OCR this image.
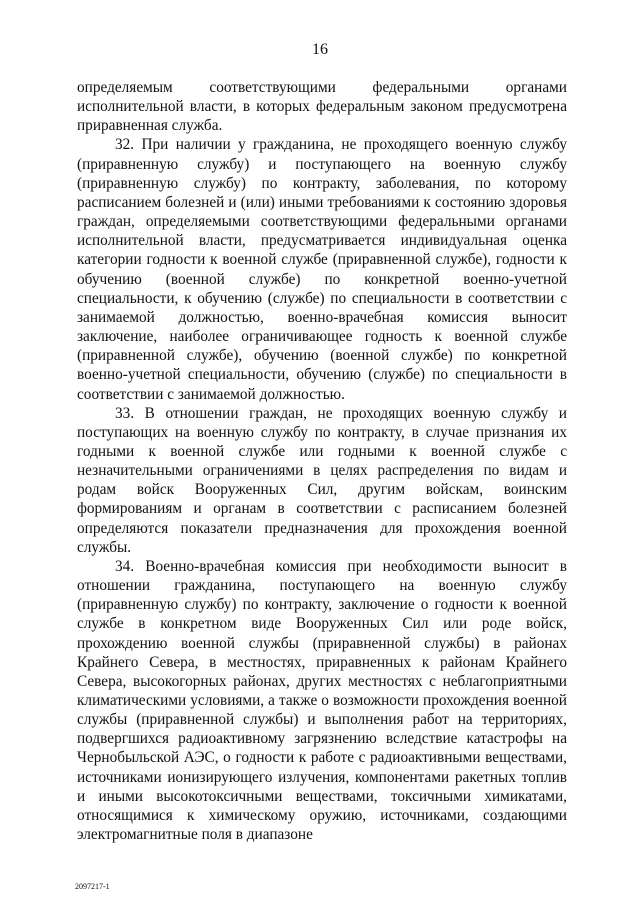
16

определяемым соответствующими федеральными органами исполнительной власти, в которых федеральным законом предусмотрена приравненная служба.

32. При наличии у гражданина, не проходящего военную службу (приравненную службу) и поступающего на военную службу (приравненную службу) по контракту, заболевания, по которому расписанием болезней и (или) иными требованиями к состоянию здоровья граждан, определяемыми соответствующими федеральными органами исполнительной власти, предусматривается индивидуальная оценка категории годности к военной службе (приравненной службе), годности к обучению (военной службе) по конкретной военно-учетной специальности, к обучению (службе) по специальности в соответствии с занимаемой должностью, военно-врачебная комиссия выносит заключение, наиболее ограничивающее годность к военной службе (приравненной службе), обучению (военной службе) по конкретной военно-учетной специальности, обучению (службе) по специальности в соответствии с занимаемой должностью.

33. В отношении граждан, не проходящих военную службу и поступающих на военную службу по контракту, в случае признания их годными к военной службе или годными к военной службе с незначительными ограничениями в целях распределения по видам и родам войск Вооруженных Сил, другим войскам, воинским формированиям и органам в соответствии с расписанием болезней определяются показатели предназначения для прохождения военной службы.

34. Военно-врачебная комиссия при необходимости выносит в отношении гражданина, поступающего на военную службу (приравненную службу) по контракту, заключение о годности к военной службе в конкретном виде Вооруженных Сил или роде войск, прохождению военной службы (приравненной службы) в районах Крайнего Севера, в местностях, приравненных к районам Крайнего Севера, высокогорных районах, других местностях с неблагоприятными климатическими условиями, а также о возможности прохождения военной службы (приравненной службы) и выполнения работ на территориях, подвергшихся радиоактивному загрязнению вследствие катастрофы на Чернобыльской АЭС, о годности к работе с радиоактивными веществами, источниками ионизирующего излучения, компонентами ракетных топлив и иными высокотоксичными веществами, токсичными химикатами, относящимися к химическому оружию, источниками, создающими электромагнитные поля в диапазоне

2097217-1
